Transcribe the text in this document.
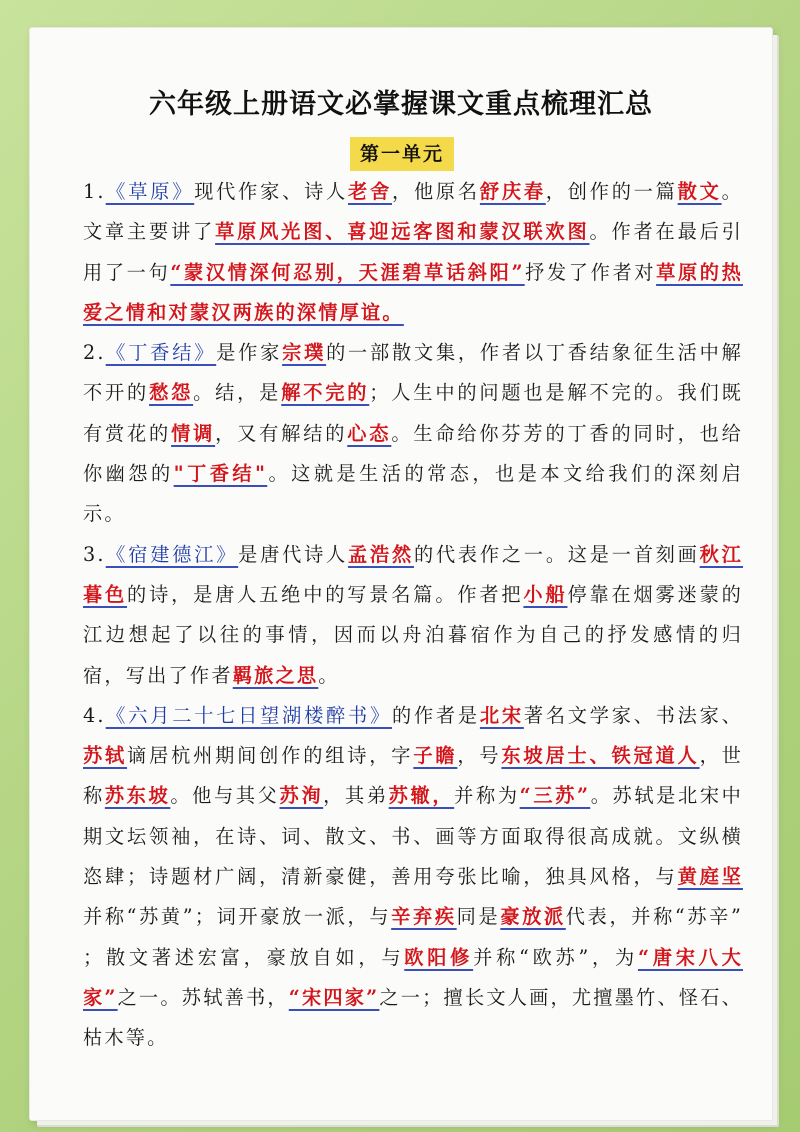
六年级上册语文必掌握课文重点梳理汇总
第一单元

1.《草原》现代作家、诗人老舍，他原名舒庆春，创作的一篇散文。文章主要讲了草原风光图、喜迎远客图和蒙汉联欢图。作者在最后引用了一句“蒙汉情深何忍别，天涯碧草话斜阳”抒发了作者对草原的热爱之情和对蒙汉两族的深情厚谊。

2.《丁香结》是作家宗璞的一部散文集，作者以丁香结象征生活中解不开的愁怨。结，是解不完的；人生中的问题也是解不完的。我们既有赏花的情调，又有解结的心态。生命给你芬芳的丁香的同时，也给你幽怨的"丁香结"。这就是生活的常态，也是本文给我们的深刻启示。

3.《宿建德江》是唐代诗人孟浩然的代表作之一。这是一首刻画秋江暮色的诗，是唐人五绝中的写景名篇。作者把小船停靠在烟雾迷蒙的江边想起了以往的事情，因而以舟泊暮宿作为自己的抒发感情的归宿，写出了作者羁旅之思。

4.《六月二十七日望湖楼醉书》的作者是北宋著名文学家、书法家、苏轼谪居杭州期间创作的组诗，字子瞻，号东坡居士、铁冠道人，世称苏东坡。他与其父苏洵，其弟苏辙，并称为“三苏”。苏轼是北宋中期文坛领袖，在诗、词、散文、书、画等方面取得很高成就。文纵横恣肆；诗题材广阔，清新豪健，善用夸张比喻，独具风格，与黄庭坚并称“苏黄”；词开豪放一派，与辛弃疾同是豪放派代表，并称“苏辛” ；散文著述宏富，豪放自如，与欧阳修并称“欧苏”，为“唐宋八大家”之一。苏轼善书，“宋四家”之一；擅长文人画，尤擅墨竹、怪石、枯木等。
